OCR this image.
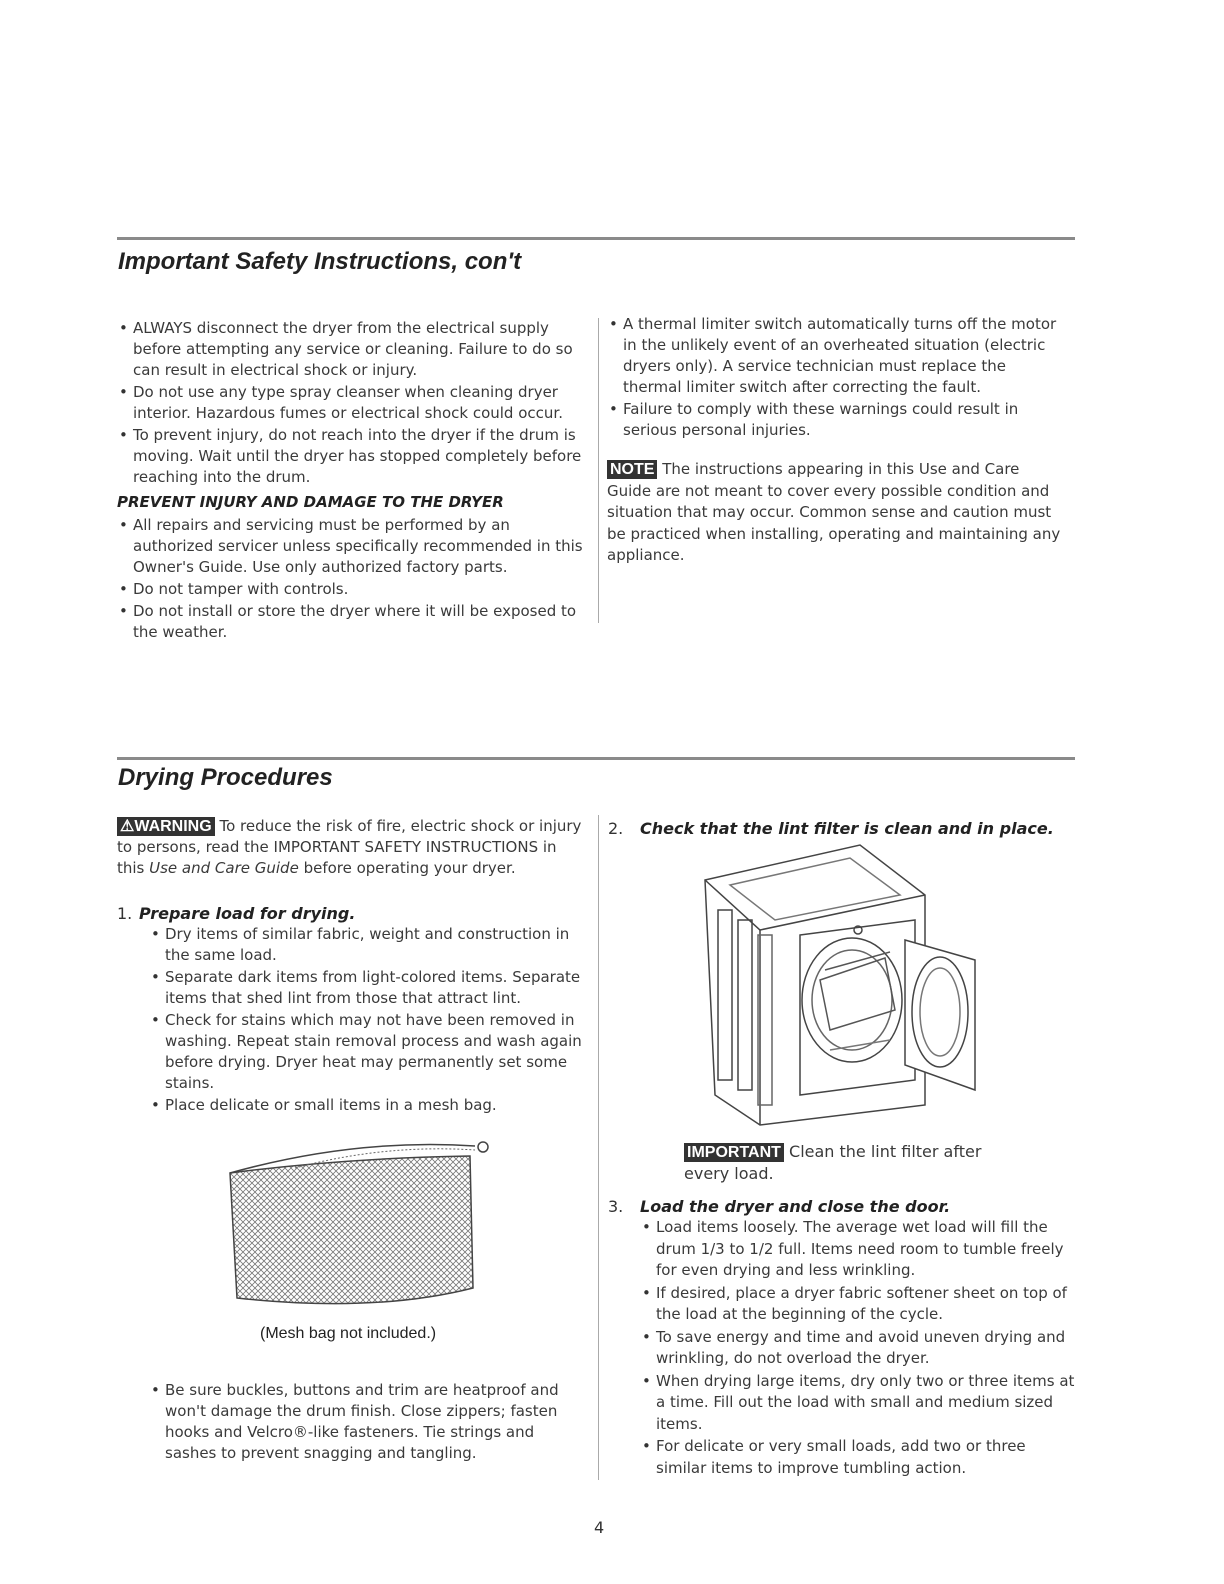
Important Safety Instructions, con't
• ALWAYS disconnect the dryer from the electrical supply before attempting any service or cleaning. Failure to do so can result in electrical shock or injury.
• Do not use any type spray cleanser when cleaning dryer interior. Hazardous fumes or electrical shock could occur.
• To prevent injury, do not reach into the dryer if the drum is moving. Wait until the dryer has stopped completely before reaching into the drum.
PREVENT INJURY AND DAMAGE TO THE DRYER
• All repairs and servicing must be performed by an authorized servicer unless specifically recommended in this Owner's Guide. Use only authorized factory parts.
• Do not tamper with controls.
• Do not install or store the dryer where it will be exposed to the weather.
• A thermal limiter switch automatically turns off the motor in the unlikely event of an overheated situation (electric dryers only). A service technician must replace the thermal limiter switch after correcting the fault.
• Failure to comply with these warnings could result in serious personal injuries.
NOTE The instructions appearing in this Use and Care Guide are not meant to cover every possible condition and situation that may occur. Common sense and caution must be practiced when installing, operating and maintaining any appliance.
Drying Procedures
⚠WARNING To reduce the risk of fire, electric shock or injury to persons, read the IMPORTANT SAFETY INSTRUCTIONS in this Use and Care Guide before operating your dryer.
1. Prepare load for drying.
• Dry items of similar fabric, weight and construction in the same load.
• Separate dark items from light-colored items. Separate items that shed lint from those that attract lint.
• Check for stains which may not have been removed in washing. Repeat stain removal process and wash again before drying. Dryer heat may permanently set some stains.
• Place delicate or small items in a mesh bag.
(Mesh bag not included.)
• Be sure buckles, buttons and trim are heatproof and won't damage the drum finish. Close zippers; fasten hooks and Velcro®-like fasteners. Tie strings and sashes to prevent snagging and tangling.
2.	Check that the lint filter is clean and in place.
IMPORTANT Clean the lint filter after every load.
3.	Load the dryer and close the door.
• Load items loosely. The average wet load will fill the drum 1/3 to 1/2 full. Items need room to tumble freely for even drying and less wrinkling.
• If desired, place a dryer fabric softener sheet on top of the load at the beginning of the cycle.
• To save energy and time and avoid uneven drying and wrinkling, do not overload the dryer.
• When drying large items, dry only two or three items at a time. Fill out the load with small and medium sized items.
• For delicate or very small loads, add two or three similar items to improve tumbling action.
4
